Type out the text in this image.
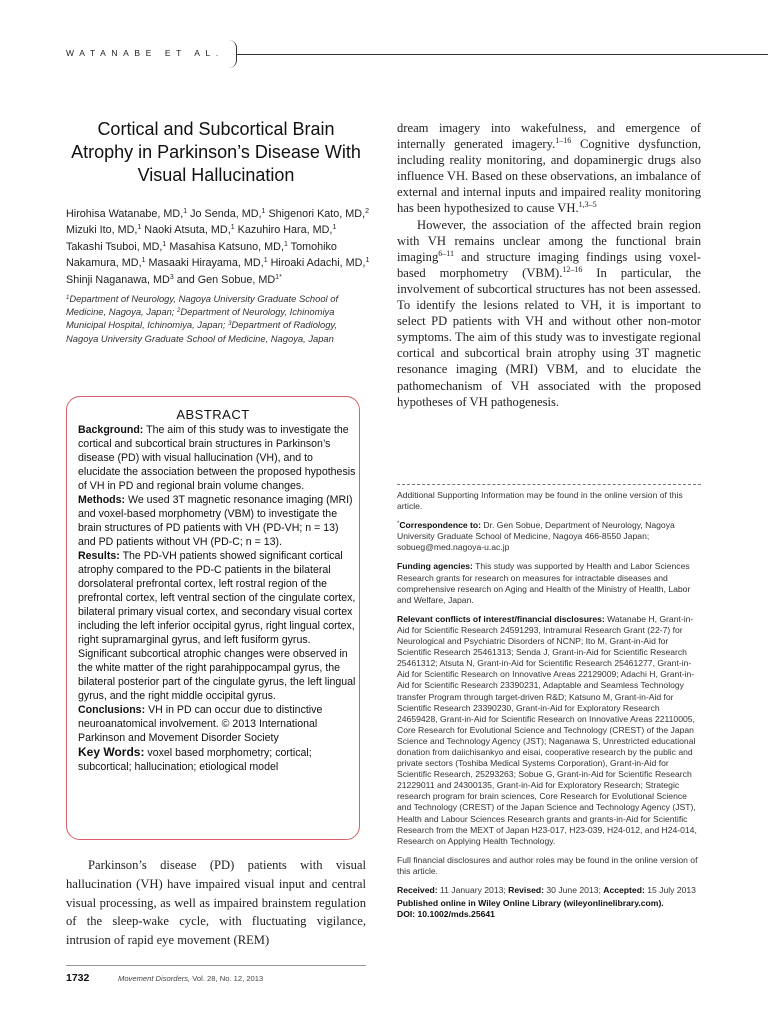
WATANABE ET AL.
Cortical and Subcortical Brain Atrophy in Parkinson’s Disease With Visual Hallucination
Hirohisa Watanabe, MD,$^1$ Jo Senda, MD,$^1$ Shigenori Kato, MD,$^2$ Mizuki Ito, MD,$^1$ Naoki Atsuta, MD,$^1$ Kazuhiro Hara, MD,$^1$ Takashi Tsuboi, MD,$^1$ Masahisa Katsuno, MD,$^1$ Tomohiko Nakamura, MD,$^1$ Masaaki Hirayama, MD,$^1$ Hiroaki Adachi, MD,$^1$ Shinji Naganawa, $MD^3$ and Gen Sobue, $MD^{1*}$
$^1$Department of Neurology, Nagoya University Graduate School of Medicine, Nagoya, Japan; $^2$Department of Neurology, Ichinomiya Municipal Hospital, Ichinomiya, Japan; $^3$Department of Radiology, Nagoya University Graduate School of Medicine, Nagoya, Japan
ABSTRACT

Background: The aim of this study was to investigate the cortical and subcortical brain structures in Parkinson’s disease (PD) with visual hallucination (VH), and to elucidate the association between the proposed hypothesis of VH in PD and regional brain volume changes.

Methods: We used 3T magnetic resonance imaging (MRI) and voxel-based morphometry (VBM) to investigate the brain structures of PD patients with VH (PD-VH; n = 13) and PD patients without VH (PD-C; n = 13).

Results: The PD-VH patients showed significant cortical atrophy compared to the PD-C patients in the bilateral dorsolateral prefrontal cortex, left rostral region of the prefrontal cortex, left ventral section of the cingulate cortex, bilateral primary visual cortex, and secondary visual cortex including the left inferior occipital gyrus, right lingual cortex, right supramarginal gyrus, and left fusiform gyrus. Significant subcortical atrophic changes were observed in the white matter of the right parahippocampal gyrus, the bilateral posterior part of the cingulate gyrus, the left lingual gyrus, and the right middle occipital gyrus.

Conclusions: VH in PD can occur due to distinctive neuroanatomical involvement. © 2013 International Parkinson and Movement Disorder Society

Key Words: voxel based morphometry; cortical; subcortical; hallucination; etiological model

Parkinson’s disease (PD) patients with visual hallucination (VH) have impaired visual input and central visual processing, as well as impaired brainstem regulation of the sleep-wake cycle, with fluctuating vigilance, intrusion of rapid eye movement (REM)

dream imagery into wakefulness, and emergence of internally generated imagery.$^{1-16}$ Cognitive dysfunction, including reality monitoring, and dopaminergic drugs also influence VH. Based on these observations, an imbalance of external and internal inputs and impaired reality monitoring has been hypothesized to cause VH.$^{1,3-5}$

However, the association of the affected brain region with VH remains unclear among the functional brain imaging$^{6-11}$ and structure imaging findings using voxel-based morphometry (VBM).$^{12-16}$ In particular, the involvement of subcortical structures has not been assessed. To identify the lesions related to VH, it is important to select PD patients with VH and without other non-motor symptoms. The aim of this study was to investigate regional cortical and subcortical brain atrophy using 3T magnetic resonance imaging (MRI) VBM, and to elucidate the pathomechanism of VH associated with the proposed hypotheses of VH pathogenesis.

Additional Supporting Information may be found in the online version of this article.

*Correspondence to: Dr. Gen Sobue, Department of Neurology, Nagoya University Graduate School of Medicine, Nagoya 466-8550 Japan; sobueg@med.nagoya-u.ac.jp

Funding agencies: This study was supported by Health and Labor Sciences Research grants for research on measures for intractable diseases and comprehensive research on Aging and Health of the Ministry of Health, Labor and Welfare, Japan.

Relevant conflicts of interest/financial disclosures: Watanabe H, Grant-in-Aid for Scientific Research 24591293, Intramural Research Grant (22-7) for Neurological and Psychiatric Disorders of NCNP; Ito M, Grant-in-Aid for Scientific Research 25461313; Senda J, Grant-in-Aid for Scientific Research 25461312; Atsuta N, Grant-in-Aid for Scientific Research 25461277, Grant-in-Aid for Scientific Research on Innovative Areas 22129009; Adachi H, Grant-in-Aid for Scientific Research 23390231, Adaptable and Seamless Technology transfer Program through target-driven R&D; Katsuno M, Grant-in-Aid for Scientific Research 23390230, Grant-in-Aid for Exploratory Research 24659428, Grant-in-Aid for Scientific Research on Innovative Areas 22110005, Core Research for Evolutional Science and Technology (CREST) of the Japan Science and Technology Agency (JST); Naganawa S, Unrestricted educational donation from daiichisankyo and eisai, cooperative research by the public and private sectors (Toshiba Medical Systems Corporation), Grant-in-Aid for Scientific Research, 25293263; Sobue G, Grant-in-Aid for Scientific Research 21229011 and 24300135, Grant-in-Aid for Exploratory Research; Strategic research program for brain sciences, Core Research for Evolutional Science and Technology (CREST) of the Japan Science and Technology Agency (JST), Health and Labour Sciences Research grants and grants-in-Aid for Scientific Research from the MEXT of Japan H23-017, H23-039, H24-012, and H24-014, Research on Applying Health Technology.

Full financial disclosures and author roles may be found in the online version of this article.

Received: 11 January 2013; Revised: 30 June 2013; Accepted: 15 July 2013

Published online in Wiley Online Library (wileyonlinelibrary.com).

DOI: 10.1002/mds.25641

1732	Movement Disorders, Vol. 28, No. 12, 2013
